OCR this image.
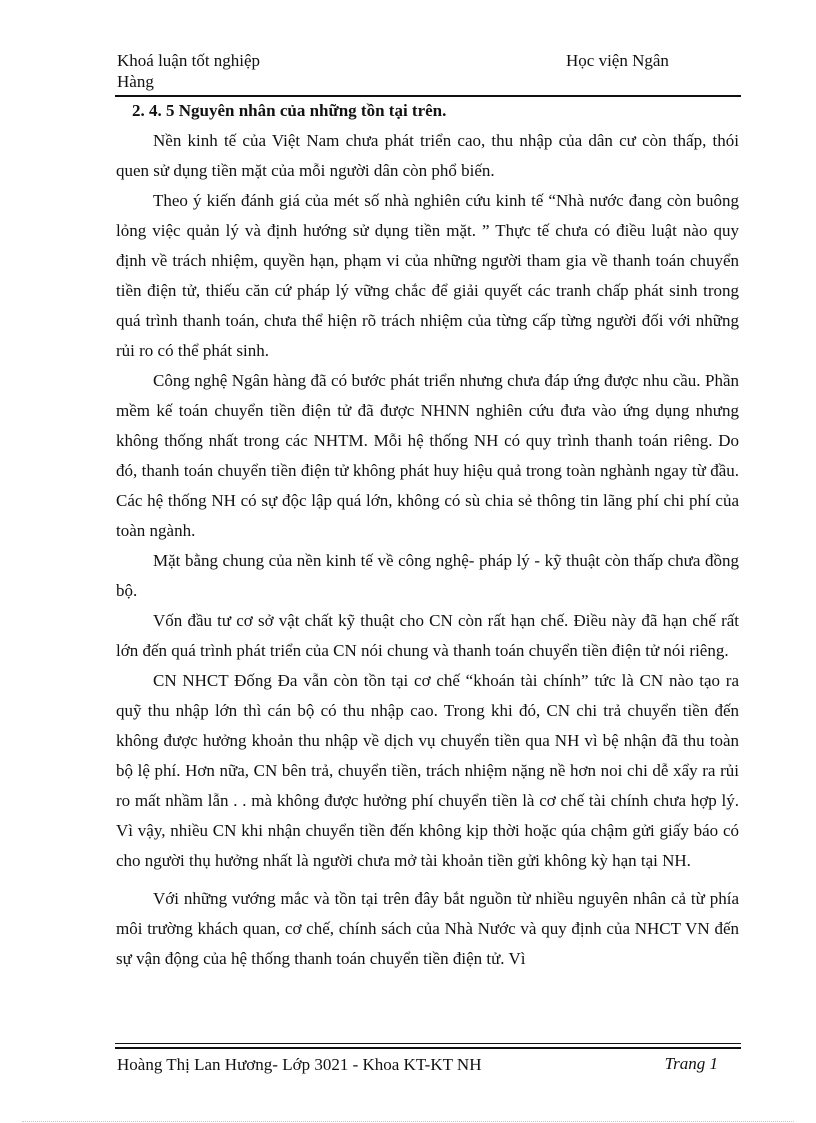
Khoá luận tốt nghiệp
Hàng
Học viện Ngân
2. 4. 5 Nguyên nhân của những tồn tại trên.

Nền kinh tế của Việt Nam chưa phát triển cao, thu nhập của dân cư còn thấp, thói quen sử dụng tiền mặt của mỗi người dân còn phổ biến.

Theo ý kiến đánh giá của mét số nhà nghiên cứu kinh tế “Nhà nước đang còn buông lỏng việc quản lý và định hướng sử dụng tiền mặt. ” Thực tế chưa có điều luật nào quy định về trách nhiệm, quyền hạn, phạm vi của những người tham gia về thanh toán chuyển tiền điện tử, thiếu căn cứ pháp lý vững chắc để giải quyết các tranh chấp phát sinh trong quá trình thanh toán, chưa thể hiện rõ trách nhiệm của từng cấp từng người đối với những rủi ro có thể phát sinh.

Công nghệ Ngân hàng đã có bước phát triển nhưng chưa đáp ứng được nhu cầu. Phần mềm kế toán chuyển tiền điện tử đã được NHNN nghiên cứu đưa vào ứng dụng nhưng không thống nhất trong các NHTM. Mỗi hệ thống NH có quy trình thanh toán riêng. Do đó, thanh toán chuyển tiền điện tử không phát huy hiệu quả trong toàn nghành ngay từ đầu. Các hệ thống NH có sự độc lập quá lớn, không có sù chia sẻ thông tin lãng phí chi phí của toàn ngành.

Mặt bằng chung của nền kinh tế về công nghệ- pháp lý - kỹ thuật còn thấp chưa đồng bộ.

Vốn đầu tư cơ sở vật chất kỹ thuật cho CN còn rất hạn chế. Điều này đã hạn chế rất lớn đến quá trình phát triển của CN nói chung và thanh toán chuyển tiền điện tử nói riêng.

CN NHCT Đống Đa vẫn còn tồn tại cơ chế “khoán tài chính” tức là CN nào tạo ra quỹ thu nhập lớn thì cán bộ có thu nhập cao. Trong khi đó, CN chi trả chuyển tiền đến không được hưởng khoản thu nhập về dịch vụ chuyển tiền qua NH vì bệ nhận đã thu toàn bộ lệ phí. Hơn nữa, CN bên trả, chuyển tiền, trách nhiệm nặng nề hơn noi chi dễ xẩy ra rủi ro mất nhầm lẫn . . mà không được hưởng phí chuyển tiền là cơ chế tài chính chưa hợp lý. Vì vậy, nhiều CN khi nhận chuyển tiền đến không kịp thời hoặc qúa chậm gửi giấy báo có cho người thụ hưởng nhất là người chưa mở tài khoản tiền gửi không kỳ hạn tại NH.

Với những vướng mắc và tồn tại trên đây bắt nguồn từ nhiều nguyên nhân cả từ phía môi trường khách quan, cơ chế, chính sách của Nhà Nước và quy định của NHCT VN đến sự vận động của hệ thống thanh toán chuyển tiền điện tử. Vì

Hoàng Thị Lan Hương- Lớp 3021 - Khoa KT-KT NH	Trang 1
